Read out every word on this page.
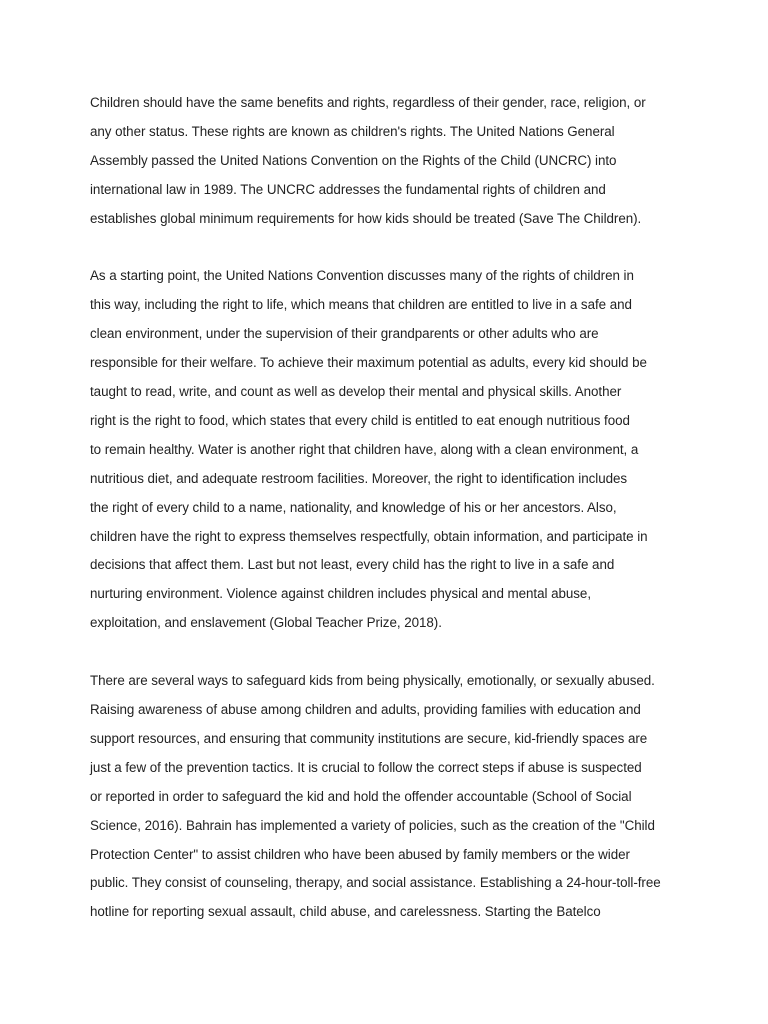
Children should have the same benefits and rights, regardless of their gender, race, religion, or
any other status. These rights are known as children's rights. The United Nations General
Assembly passed the United Nations Convention on the Rights of the Child (UNCRC) into
international law in 1989. The UNCRC addresses the fundamental rights of children and
establishes global minimum requirements for how kids should be treated (Save The Children).

As a starting point, the United Nations Convention discusses many of the rights of children in
this way, including the right to life, which means that children are entitled to live in a safe and
clean environment, under the supervision of their grandparents or other adults who are
responsible for their welfare. To achieve their maximum potential as adults, every kid should be
taught to read, write, and count as well as develop their mental and physical skills. Another
right is the right to food, which states that every child is entitled to eat enough nutritious food
to remain healthy. Water is another right that children have, along with a clean environment, a
nutritious diet, and adequate restroom facilities. Moreover, the right to identification includes
the right of every child to a name, nationality, and knowledge of his or her ancestors. Also,
children have the right to express themselves respectfully, obtain information, and participate in
decisions that affect them. Last but not least, every child has the right to live in a safe and
nurturing environment. Violence against children includes physical and mental abuse,
exploitation, and enslavement (Global Teacher Prize, 2018).

There are several ways to safeguard kids from being physically, emotionally, or sexually abused.
Raising awareness of abuse among children and adults, providing families with education and
support resources, and ensuring that community institutions are secure, kid-friendly spaces are
just a few of the prevention tactics. It is crucial to follow the correct steps if abuse is suspected
or reported in order to safeguard the kid and hold the offender accountable (School of Social
Science, 2016). Bahrain has implemented a variety of policies, such as the creation of the "Child
Protection Center" to assist children who have been abused by family members or the wider
public. They consist of counseling, therapy, and social assistance. Establishing a 24-hour-toll-free
hotline for reporting sexual assault, child abuse, and carelessness. Starting the Batelco
